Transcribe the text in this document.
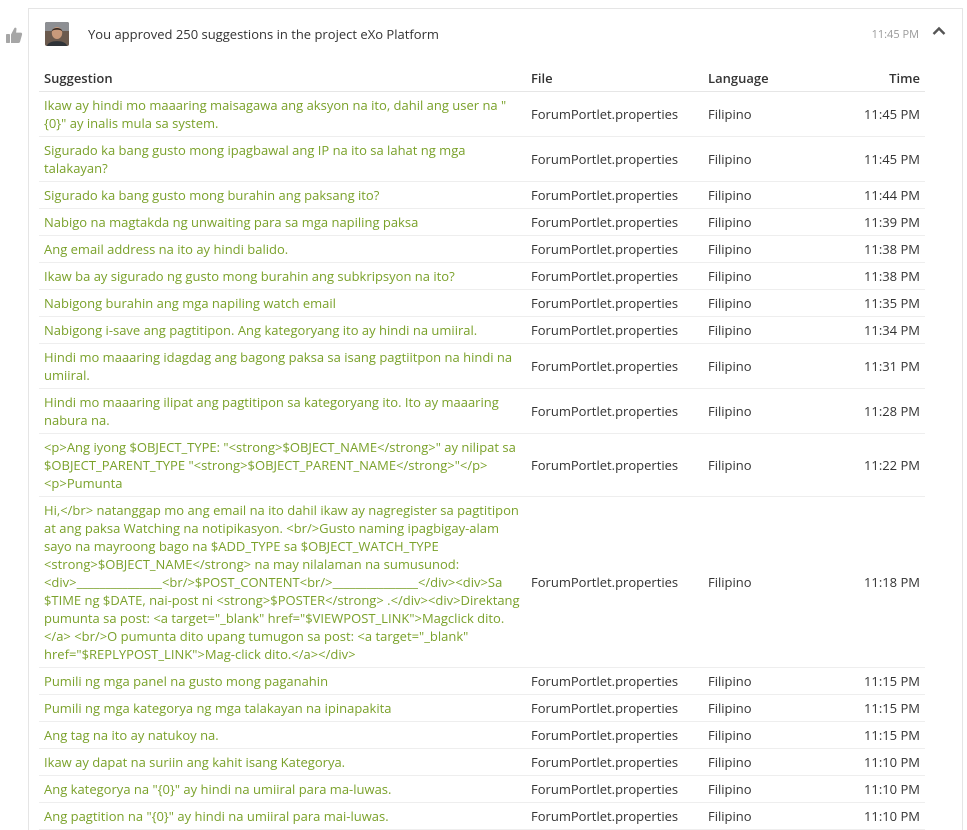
You approved 250 suggestions in the project eXo Platform	11:45 PM
Suggestion	File	Language	Time
Ikaw ay hindi mo maaaring maisagawa ang aksyon na ito, dahil ang user na "{0}" ay inalis mula sa system.	ForumPortlet.properties	Filipino	11:45 PM
Sigurado ka bang gusto mong ipagbawal ang IP na ito sa lahat ng mga talakayan?	ForumPortlet.properties	Filipino	11:45 PM
Sigurado ka bang gusto mong burahin ang paksang ito?	ForumPortlet.properties	Filipino	11:44 PM
Nabigo na magtakda ng unwaiting para sa mga napiling paksa	ForumPortlet.properties	Filipino	11:39 PM
Ang email address na ito ay hindi balido.	ForumPortlet.properties	Filipino	11:38 PM
Ikaw ba ay sigurado ng gusto mong burahin ang subkripsyon na ito?	ForumPortlet.properties	Filipino	11:38 PM
Nabigong burahin ang mga napiling watch email	ForumPortlet.properties	Filipino	11:35 PM
Nabigong i-save ang pagtitipon. Ang kategoryang ito ay hindi na umiiral.	ForumPortlet.properties	Filipino	11:34 PM
Hindi mo maaaring idagdag ang bagong paksa sa isang pagtiitpon na hindi na umiiral.	ForumPortlet.properties	Filipino	11:31 PM
Hindi mo maaaring ilipat ang pagtitipon sa kategoryang ito. Ito ay maaaring nabura na.	ForumPortlet.properties	Filipino	11:28 PM
<p>Ang iyong $OBJECT_TYPE: "<strong>$OBJECT_NAME</strong>" ay nilipat sa $OBJECT_PARENT_TYPE "<strong>$OBJECT_PARENT_NAME</strong>"</p><p>Pumunta	ForumPortlet.properties	Filipino	11:22 PM
Hi,</br> natanggap mo ang email na ito dahil ikaw ay nagregister sa pagtitipon at ang paksa Watching na notipikasyon. <br/>Gusto naming ipagbigay-alam sayo na mayroong bago na $ADD_TYPE sa $OBJECT_WATCH_TYPE <strong>$OBJECT_NAME</strong> na may nilalaman na sumusunod: <div>_______________<br/>$POST_CONTENT<br/>_______________</div><div>Sa $TIME ng $DATE, nai-post ni <strong>$POSTER</strong> .</div><div>Direktang pumunta sa post: <a target="_blank" href="$VIEWPOST_LINK">Magclick dito.</a> <br/>O pumunta dito upang tumugon sa post: <a target="_blank" href="$REPLYPOST_LINK">Mag-click dito.</a></div>	ForumPortlet.properties	Filipino	11:18 PM
Pumili ng mga panel na gusto mong paganahin	ForumPortlet.properties	Filipino	11:15 PM
Pumili ng mga kategorya ng mga talakayan na ipinapakita	ForumPortlet.properties	Filipino	11:15 PM
Ang tag na ito ay natukoy na.	ForumPortlet.properties	Filipino	11:15 PM
Ikaw ay dapat na suriin ang kahit isang Kategorya.	ForumPortlet.properties	Filipino	11:10 PM
Ang kategorya na "{0}" ay hindi na umiiral para ma-luwas.	ForumPortlet.properties	Filipino	11:10 PM
Ang pagtition na "{0}" ay hindi na umiiral para mai-luwas.	ForumPortlet.properties	Filipino	11:10 PM
